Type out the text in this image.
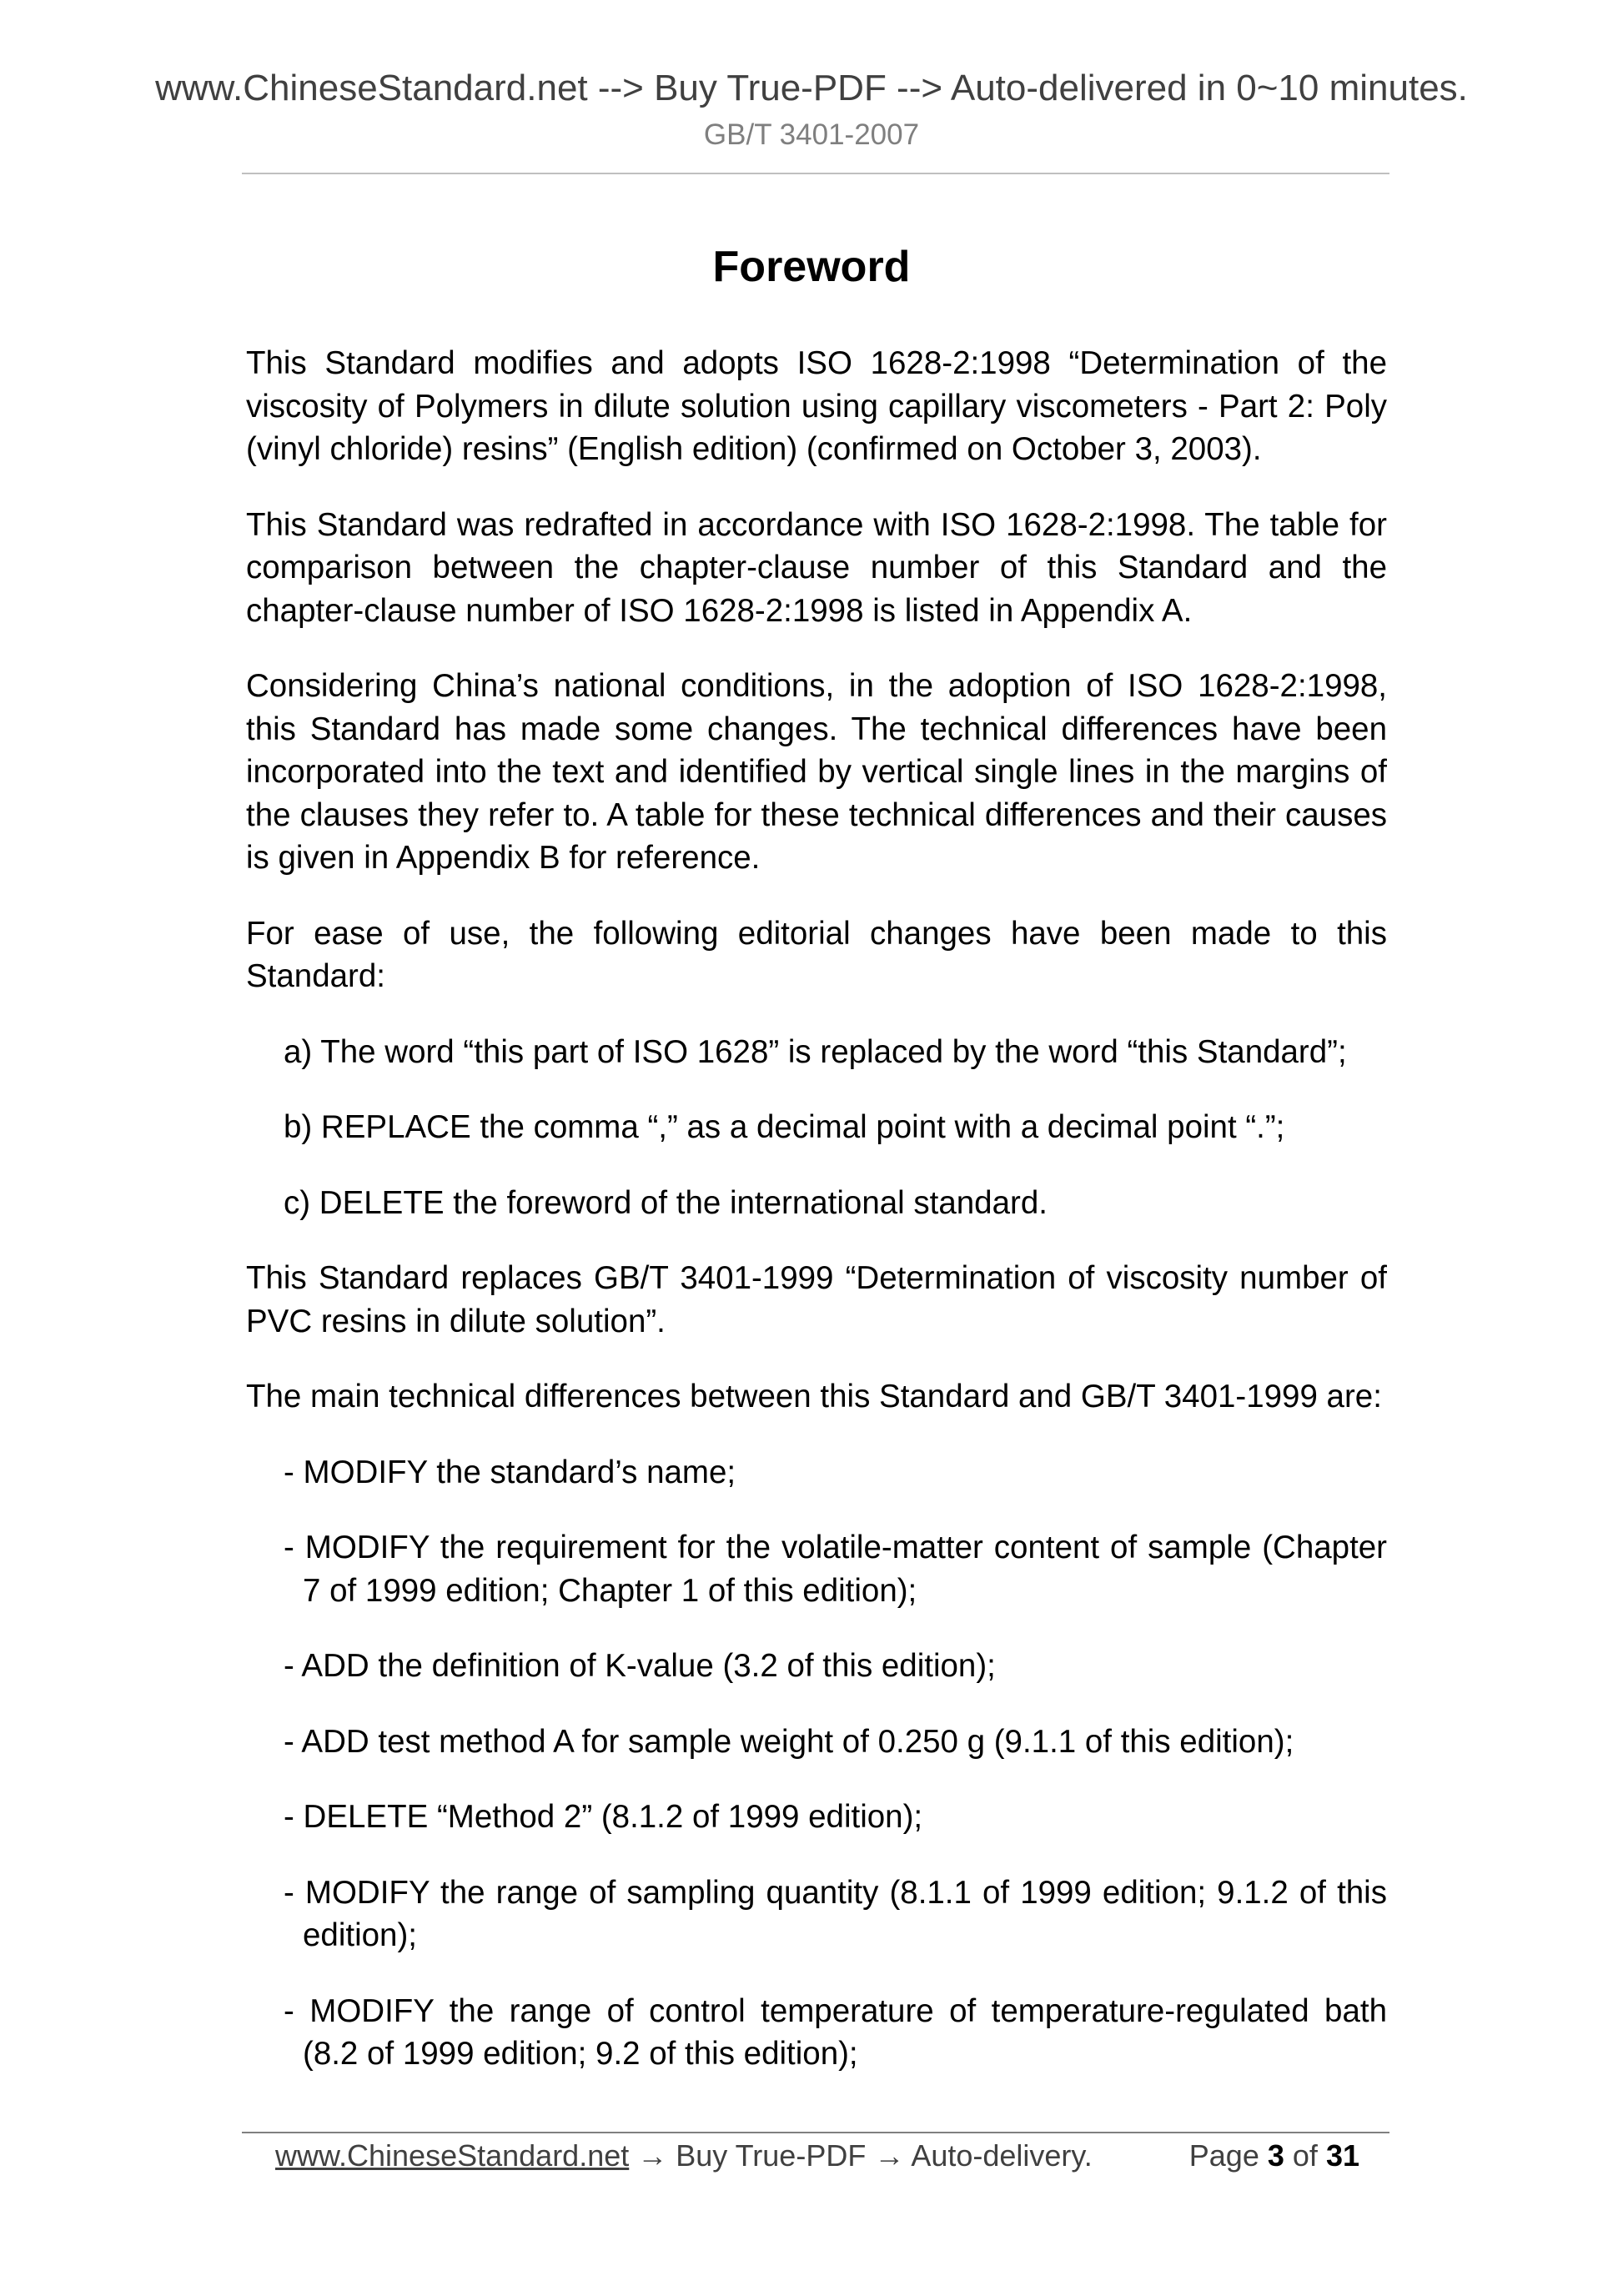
www.ChineseStandard.net --> Buy True-PDF --> Auto-delivered in 0~10 minutes.
GB/T 3401-2007
Foreword

This Standard modifies and adopts ISO 1628-2:1998 “Determination of the viscosity of Polymers in dilute solution using capillary viscometers - Part 2: Poly (vinyl chloride) resins” (English edition) (confirmed on October 3, 2003).

This Standard was redrafted in accordance with ISO 1628-2:1998. The table for comparison between the chapter-clause number of this Standard and the chapter-clause number of ISO 1628-2:1998 is listed in Appendix A.

Considering China’s national conditions, in the adoption of ISO 1628-2:1998, this Standard has made some changes. The technical differences have been incorporated into the text and identified by vertical single lines in the margins of the clauses they refer to. A table for these technical differences and their causes is given in Appendix B for reference.

For ease of use, the following editorial changes have been made to this Standard:

a) The word “this part of ISO 1628” is replaced by the word “this Standard”;

b) REPLACE the comma “,” as a decimal point with a decimal point “.”;

c) DELETE the foreword of the international standard.

This Standard replaces GB/T 3401-1999 “Determination of viscosity number of PVC resins in dilute solution”.

The main technical differences between this Standard and GB/T 3401-1999 are:

- MODIFY the standard’s name;

- MODIFY the requirement for the volatile-matter content of sample (Chapter 7 of 1999 edition; Chapter 1 of this edition);

- ADD the definition of K-value (3.2 of this edition);

- ADD test method A for sample weight of 0.250 g (9.1.1 of this edition);

- DELETE “Method 2” (8.1.2 of 1999 edition);

- MODIFY the range of sampling quantity (8.1.1 of 1999 edition; 9.1.2 of this edition);

- MODIFY the range of control temperature of temperature-regulated bath (8.2 of 1999 edition; 9.2 of this edition);

www.ChineseStandard.net → Buy True-PDF → Auto-delivery.	Page 3 of 31
